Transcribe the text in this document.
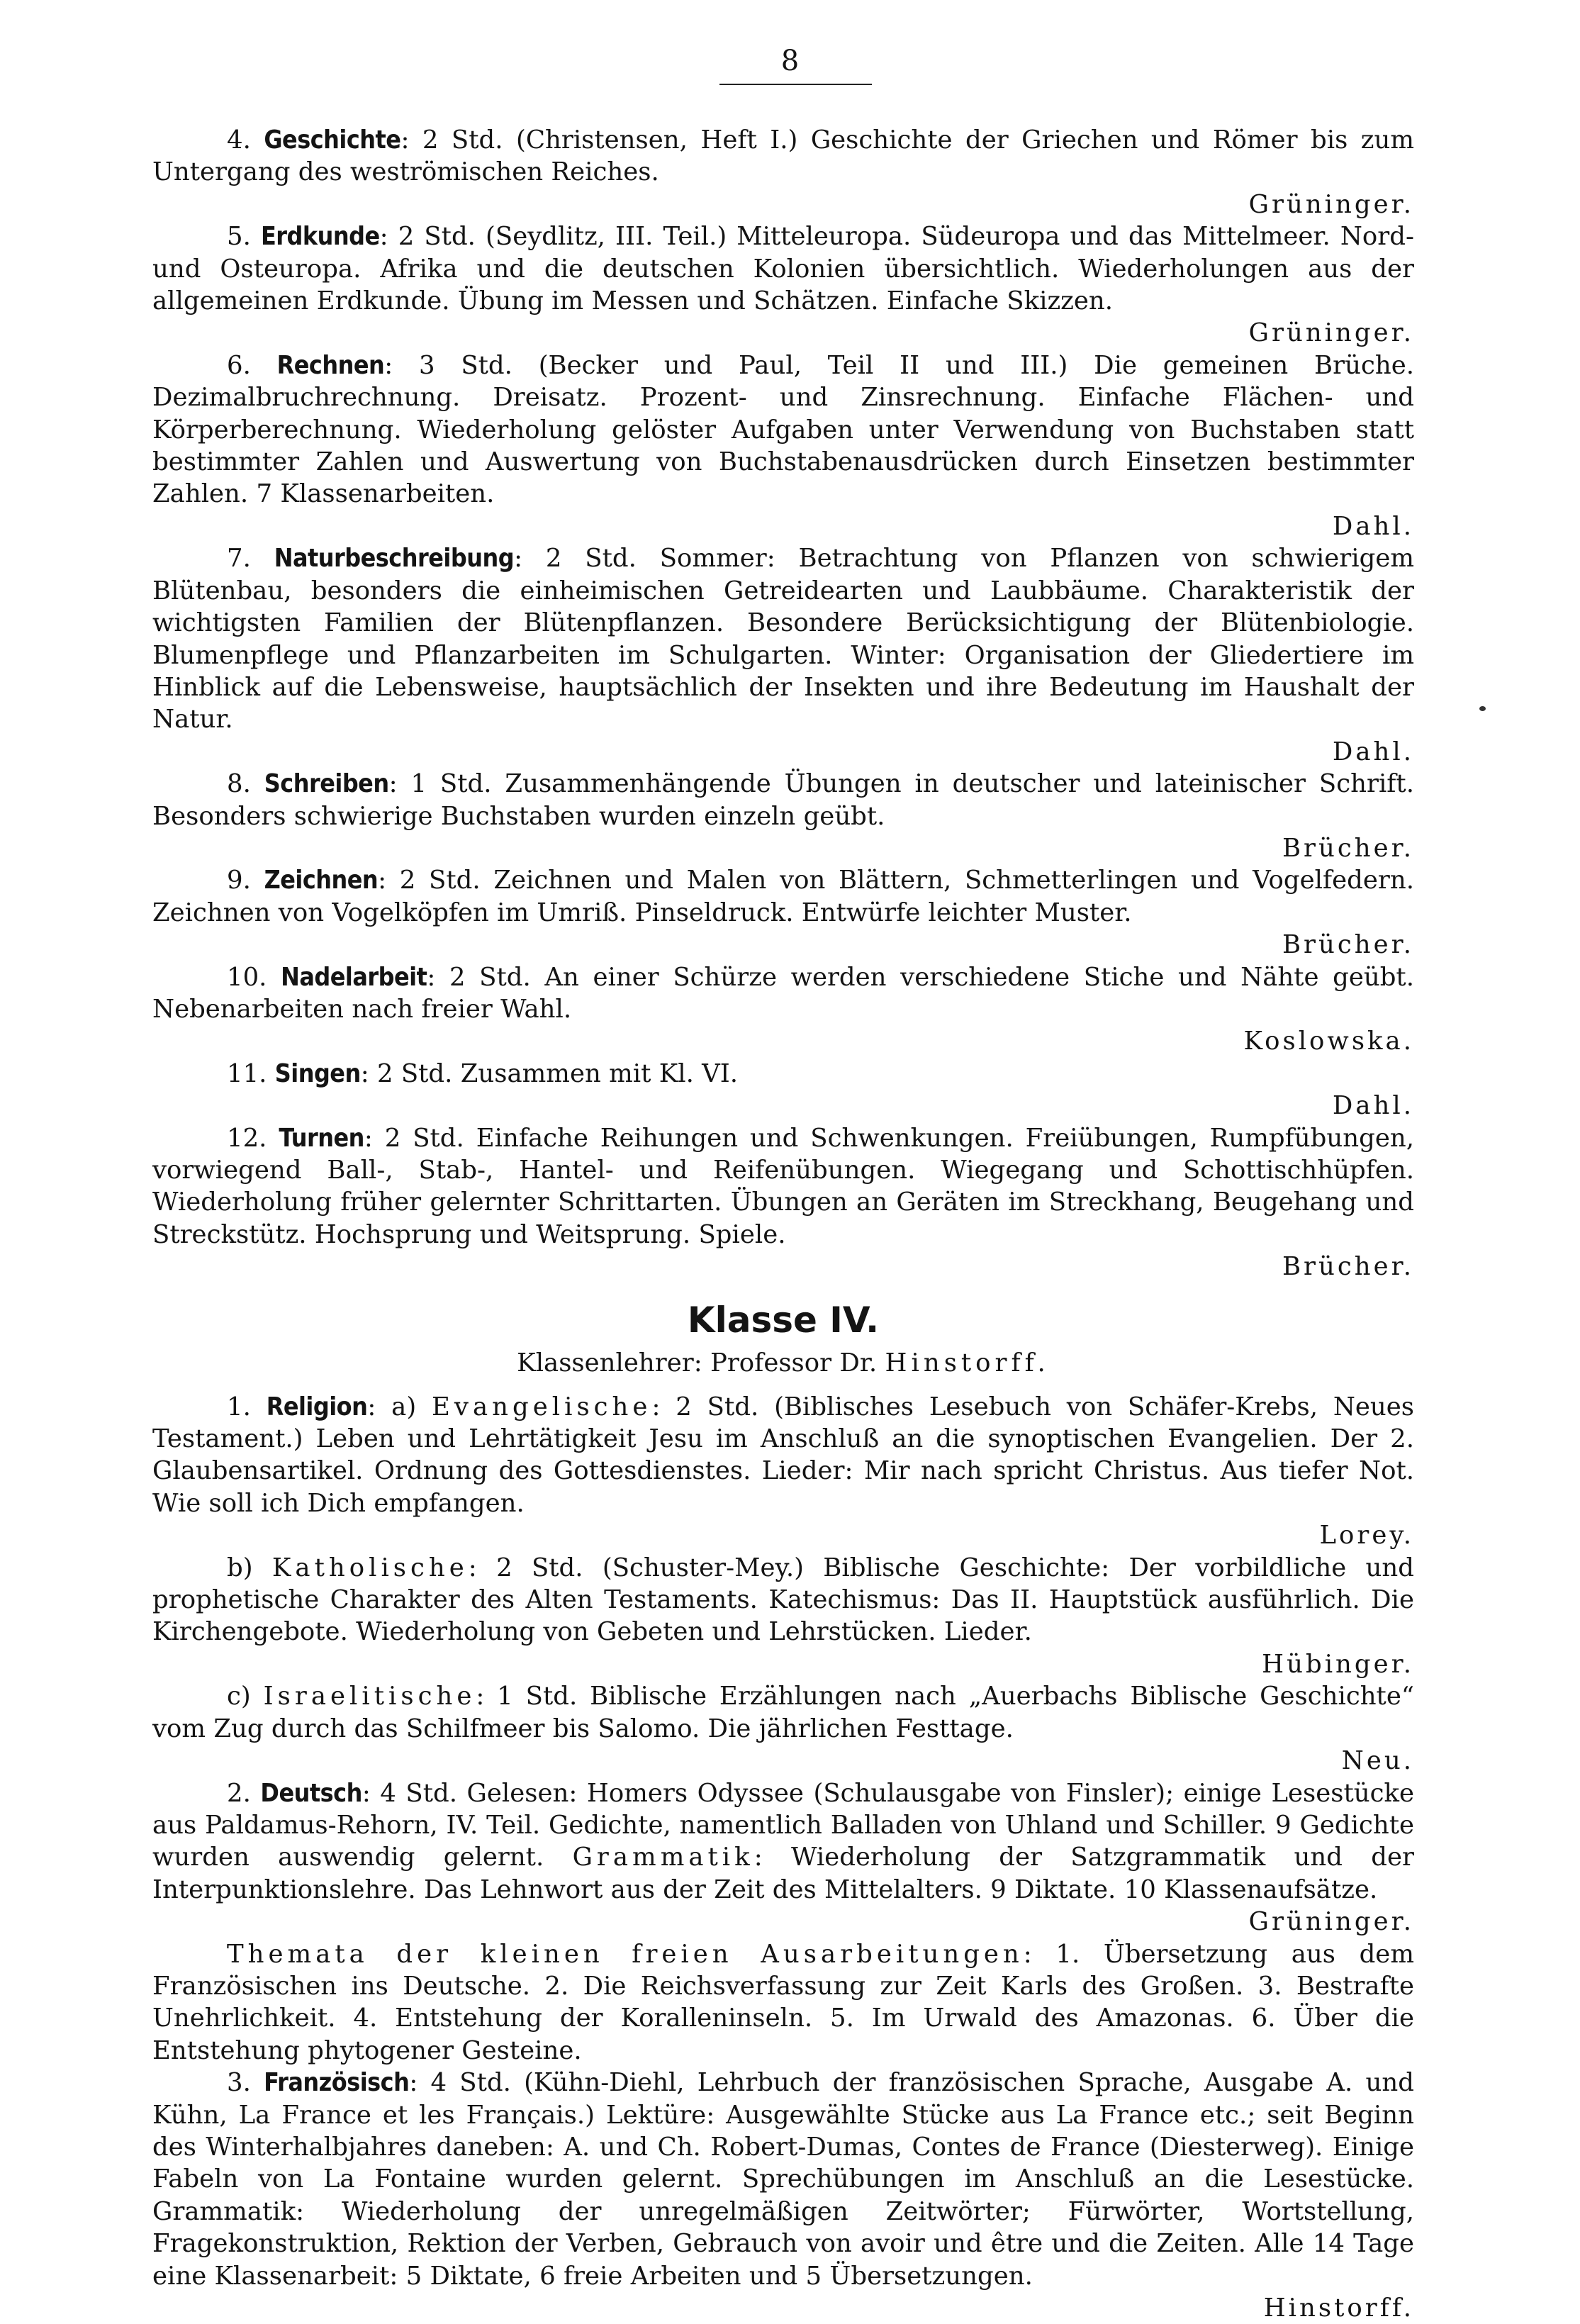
8

4. Geschichte: 2 Std. (Christensen, Heft I.) Geschichte der Griechen und Römer bis zum Untergang des weströmischen Reiches.

Grüninger.

5. Erdkunde: 2 Std. (Seydlitz, III. Teil.) Mitteleuropa. Südeuropa und das Mittelmeer. Nord- und Osteuropa. Afrika und die deutschen Kolonien übersichtlich. Wiederholungen aus der allgemeinen Erdkunde. Übung im Messen und Schätzen. Einfache Skizzen.

Grüninger.

6. Rechnen: 3 Std. (Becker und Paul, Teil II und III.) Die gemeinen Brüche. Dezimalbruchrechnung. Dreisatz. Prozent- und Zinsrechnung. Einfache Flächen- und Körperberechnung. Wiederholung gelöster Aufgaben unter Verwendung von Buchstaben statt bestimmter Zahlen und Auswertung von Buchstabenausdrücken durch Einsetzen bestimmter Zahlen. 7 Klassenarbeiten.

Dahl.

7. Naturbeschreibung: 2 Std. Sommer: Betrachtung von Pflanzen von schwierigem Blütenbau, besonders die einheimischen Getreidearten und Laubbäume. Charakteristik der wichtigsten Familien der Blütenpflanzen. Besondere Berücksichtigung der Blütenbiologie. Blumenpflege und Pflanzarbeiten im Schulgarten. Winter: Organisation der Gliedertiere im Hinblick auf die Lebensweise, hauptsächlich der Insekten und ihre Bedeutung im Haushalt der Natur.

Dahl.

8. Schreiben: 1 Std. Zusammenhängende Übungen in deutscher und lateinischer Schrift. Besonders schwierige Buchstaben wurden einzeln geübt.

Brücher.

9. Zeichnen: 2 Std. Zeichnen und Malen von Blättern, Schmetterlingen und Vogelfedern. Zeichnen von Vogelköpfen im Umriß. Pinseldruck. Entwürfe leichter Muster.

Brücher.

10. Nadelarbeit: 2 Std. An einer Schürze werden verschiedene Stiche und Nähte geübt. Nebenarbeiten nach freier Wahl.

Koslowska.

11. Singen: 2 Std. Zusammen mit Kl. VI.

Dahl.

12. Turnen: 2 Std. Einfache Reihungen und Schwenkungen. Freiübungen, Rumpfübungen, vorwiegend Ball-, Stab-, Hantel- und Reifenübungen. Wiegegang und Schottischhüpfen. Wiederholung früher gelernter Schrittarten. Übungen an Geräten im Streckhang, Beugehang und Streckstütz. Hochsprung und Weitsprung. Spiele.

Brücher.

Klasse IV.
Klassenlehrer: Professor Dr. Hinstorff.

1. Religion: a) Evangelische: 2 Std. (Biblisches Lesebuch von Schäfer-Krebs, Neues Testament.) Leben und Lehrtätigkeit Jesu im Anschluß an die synoptischen Evangelien. Der 2. Glaubensartikel. Ordnung des Gottesdienstes. Lieder: Mir nach spricht Christus. Aus tiefer Not. Wie soll ich Dich empfangen.

Lorey.

b) Katholische: 2 Std. (Schuster-Mey.) Biblische Geschichte: Der vorbildliche und prophetische Charakter des Alten Testaments. Katechismus: Das II. Hauptstück ausführlich. Die Kirchengebote. Wiederholung von Gebeten und Lehrstücken. Lieder.

Hübinger.

c) Israelitische: 1 Std. Biblische Erzählungen nach „Auerbachs Biblische Geschichte“ vom Zug durch das Schilfmeer bis Salomo. Die jährlichen Festtage.

Neu.

2. Deutsch: 4 Std. Gelesen: Homers Odyssee (Schulausgabe von Finsler); einige Lesestücke aus Paldamus-Rehorn, IV. Teil. Gedichte, namentlich Balladen von Uhland und Schiller. 9 Gedichte wurden auswendig gelernt. Grammatik: Wiederholung der Satzgrammatik und der Interpunktionslehre. Das Lehnwort aus der Zeit des Mittelalters. 9 Diktate. 10 Klassenaufsätze.

Grüninger.

Themata der kleinen freien Ausarbeitungen: 1. Übersetzung aus dem Französischen ins Deutsche. 2. Die Reichsverfassung zur Zeit Karls des Großen. 3. Bestrafte Unehrlichkeit. 4. Entstehung der Koralleninseln. 5. Im Urwald des Amazonas. 6. Über die Entstehung phytogener Gesteine.

3. Französisch: 4 Std. (Kühn-Diehl, Lehrbuch der französischen Sprache, Ausgabe A. und Kühn, La France et les Français.) Lektüre: Ausgewählte Stücke aus La France etc.; seit Beginn des Winterhalbjahres daneben: A. und Ch. Robert-Dumas, Contes de France (Diesterweg). Einige Fabeln von La Fontaine wurden gelernt. Sprechübungen im Anschluß an die Lesestücke. Grammatik: Wiederholung der unregelmäßigen Zeitwörter; Fürwörter, Wortstellung, Fragekonstruktion, Rektion der Verben, Gebrauch von avoir und être und die Zeiten. Alle 14 Tage eine Klassenarbeit: 5 Diktate, 6 freie Arbeiten und 5 Übersetzungen.

Hinstorff.
